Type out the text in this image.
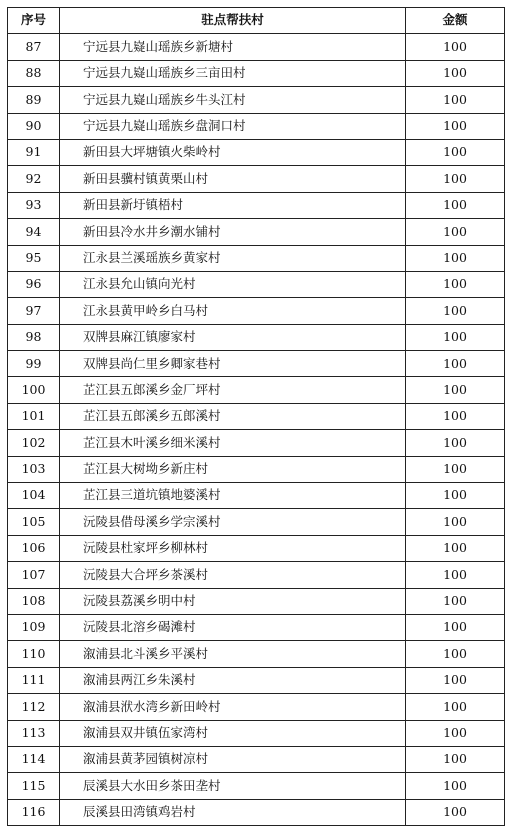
序号	驻点帮扶村	金额
87	宁远县九嶷山瑶族乡新塘村	100
88	宁远县九嶷山瑶族乡三亩田村	100
89	宁远县九嶷山瑶族乡牛头江村	100
90	宁远县九嶷山瑶族乡盘洞口村	100
91	新田县大坪塘镇火柴岭村	100
92	新田县骥村镇黄栗山村	100
93	新田县新圩镇梧村	100
94	新田县冷水井乡潮水铺村	100
95	江永县兰溪瑶族乡黄家村	100
96	江永县允山镇向光村	100
97	江永县黄甲岭乡白马村	100
98	双牌县麻江镇廖家村	100
99	双牌县尚仁里乡卿家巷村	100
100	芷江县五郎溪乡金厂坪村	100
101	芷江县五郎溪乡五郎溪村	100
102	芷江县木叶溪乡细米溪村	100
103	芷江县大树坳乡新庄村	100
104	芷江县三道坑镇地婆溪村	100
105	沅陵县借母溪乡学宗溪村	100
106	沅陵县杜家坪乡柳林村	100
107	沅陵县大合坪乡茶溪村	100
108	沅陵县荔溪乡明中村	100
109	沅陵县北溶乡碣滩村	100
110	溆浦县北斗溪乡平溪村	100
111	溆浦县两江乡朱溪村	100
112	溆浦县洑水湾乡新田岭村	100
113	溆浦县双井镇伍家湾村	100
114	溆浦县黄茅园镇树凉村	100
115	辰溪县大水田乡茶田垄村	100
116	辰溪县田湾镇鸡岩村	100
